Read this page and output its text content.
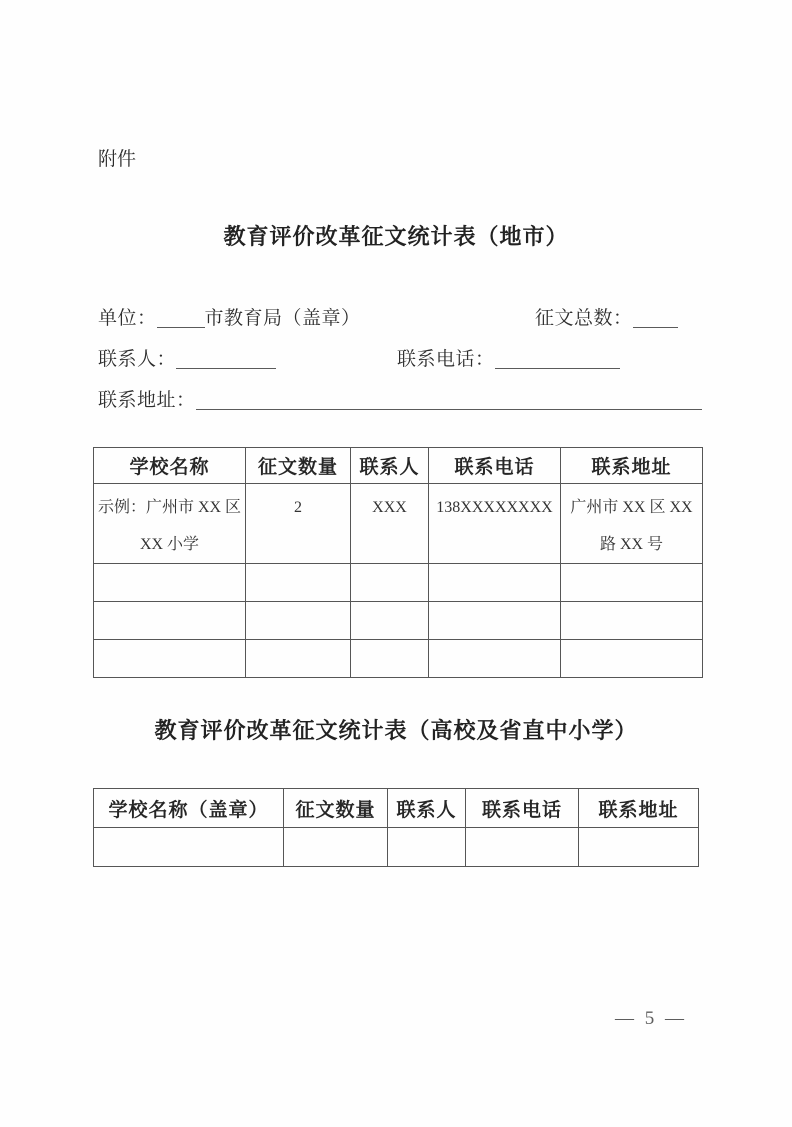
附件
教育评价改革征文统计表（地市）
单位：	市教育局（盖章）	征文总数：
联系人：	联系电话：
联系地址：
学校名称	征文数量	联系人	联系电话	联系地址
示例：广州市 XX 区 XX 小学	2	XXX	138XXXXXXXX	广州市 XX 区 XX 路 XX 号

教育评价改革征文统计表（高校及省直中小学）
学校名称（盖章）	征文数量	联系人	联系电话	联系地址

— 5 —
